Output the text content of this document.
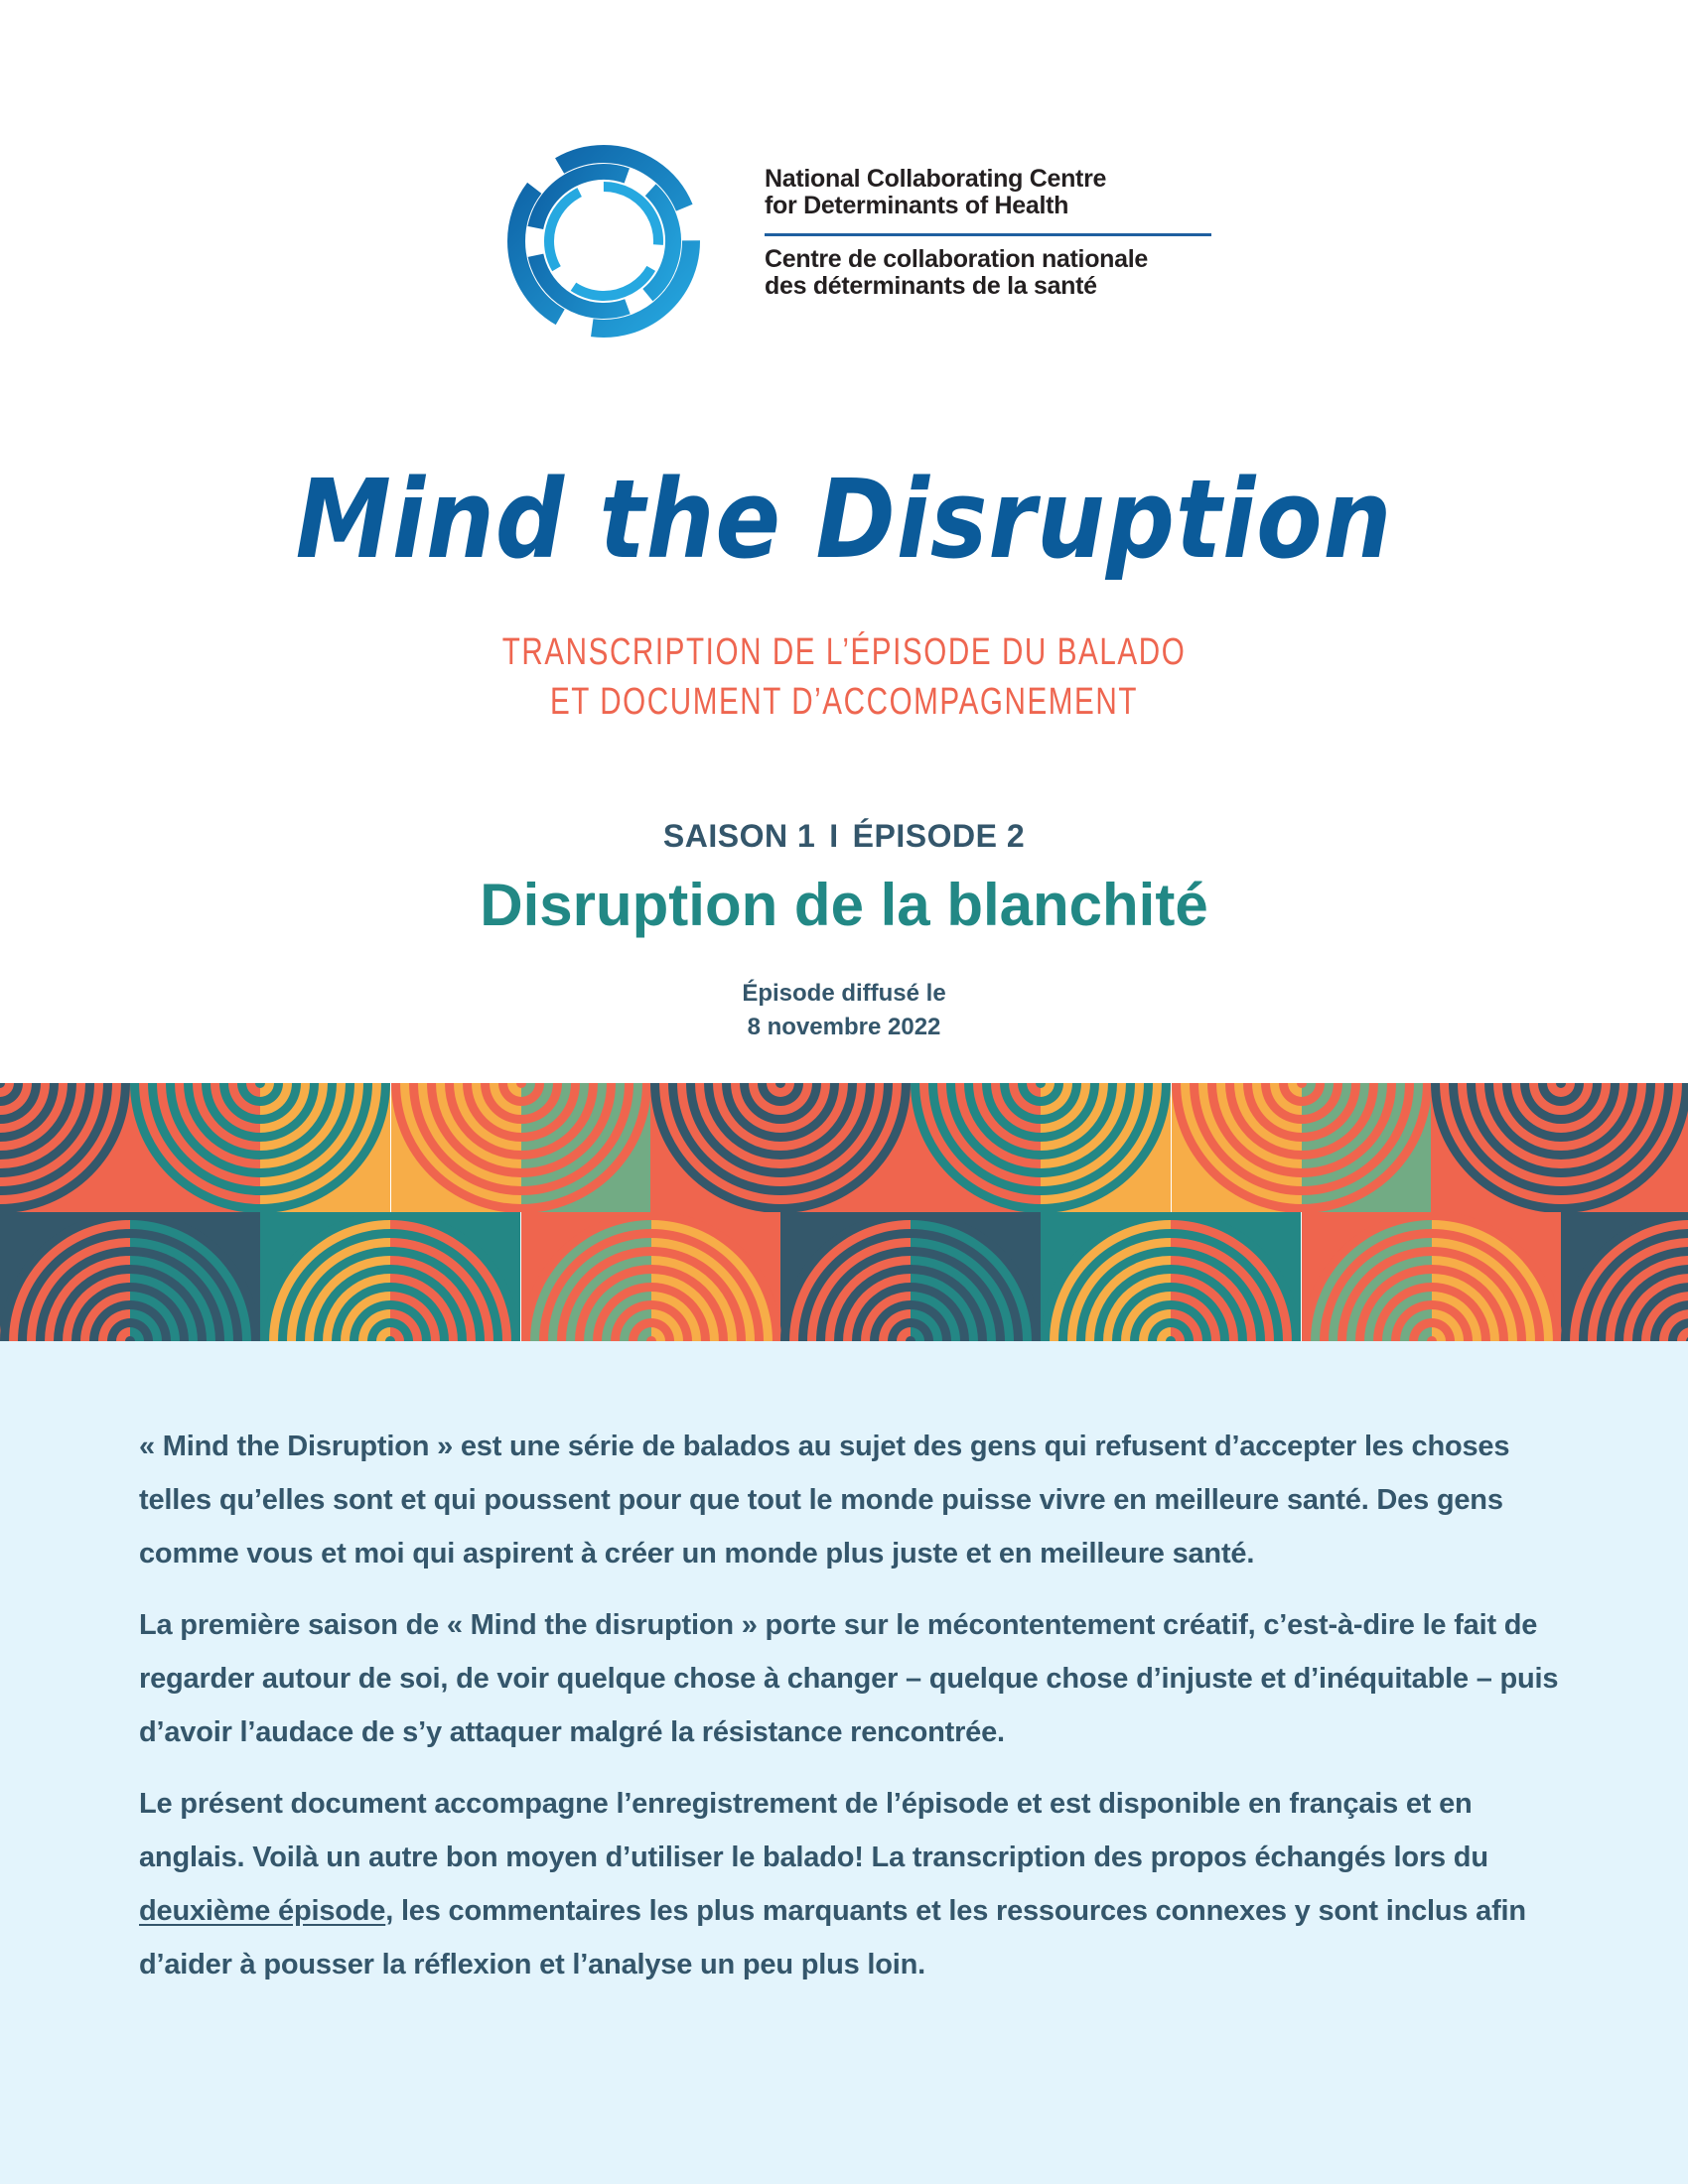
National Collaborating Centre
for Determinants of Health
Centre de collaboration nationale
des déterminants de la santé
Mind the Disruption
TRANSCRIPTION DE L’ÉPISODE DU BALADO
ET DOCUMENT D’ACCOMPAGNEMENT
SAISON 1 I ÉPISODE 2
Disruption de la blanchité
Épisode diffusé le
8 novembre 2022

« Mind the Disruption » est une série de balados au sujet des gens qui refusent d’accepter les choses telles qu’elles sont et qui poussent pour que tout le monde puisse vivre en meilleure santé. Des gens comme vous et moi qui aspirent à créer un monde plus juste et en meilleure santé.

La première saison de « Mind the disruption » porte sur le mécontentement créatif, c’est-à-dire le fait de regarder autour de soi, de voir quelque chose à changer – quelque chose d’injuste et d’inéquitable – puis d’avoir l’audace de s’y attaquer malgré la résistance rencontrée.

Le présent document accompagne l’enregistrement de l’épisode et est disponible en français et en anglais. Voilà un autre bon moyen d’utiliser le balado! La transcription des propos échangés lors du deuxième épisode, les commentaires les plus marquants et les ressources connexes y sont inclus afin d’aider à pousser la réflexion et l’analyse un peu plus loin.
